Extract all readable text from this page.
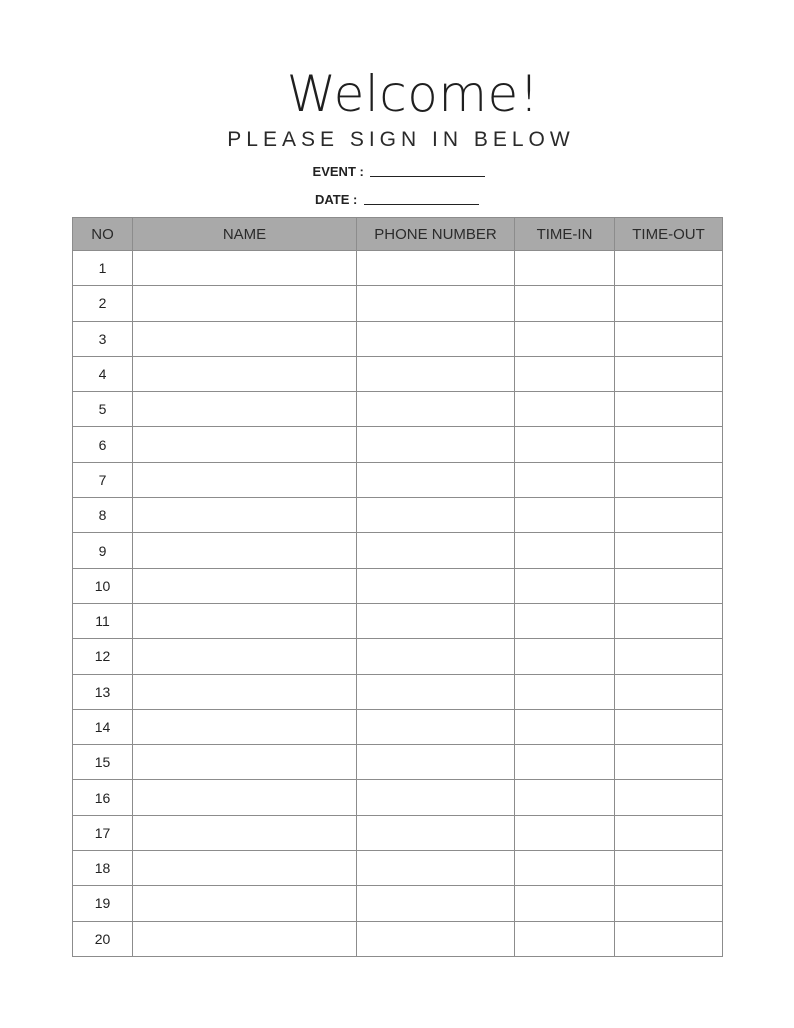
Welcome!
PLEASE SIGN IN BELOW
EVENT :
DATE :
NO	NAME	PHONE NUMBER	TIME-IN	TIME-OUT
1				
2				
3				
4				
5				
6				
7				
8				
9				
10				
11				
12				
13				
14				
15				
16				
17				
18				
19				
20				
